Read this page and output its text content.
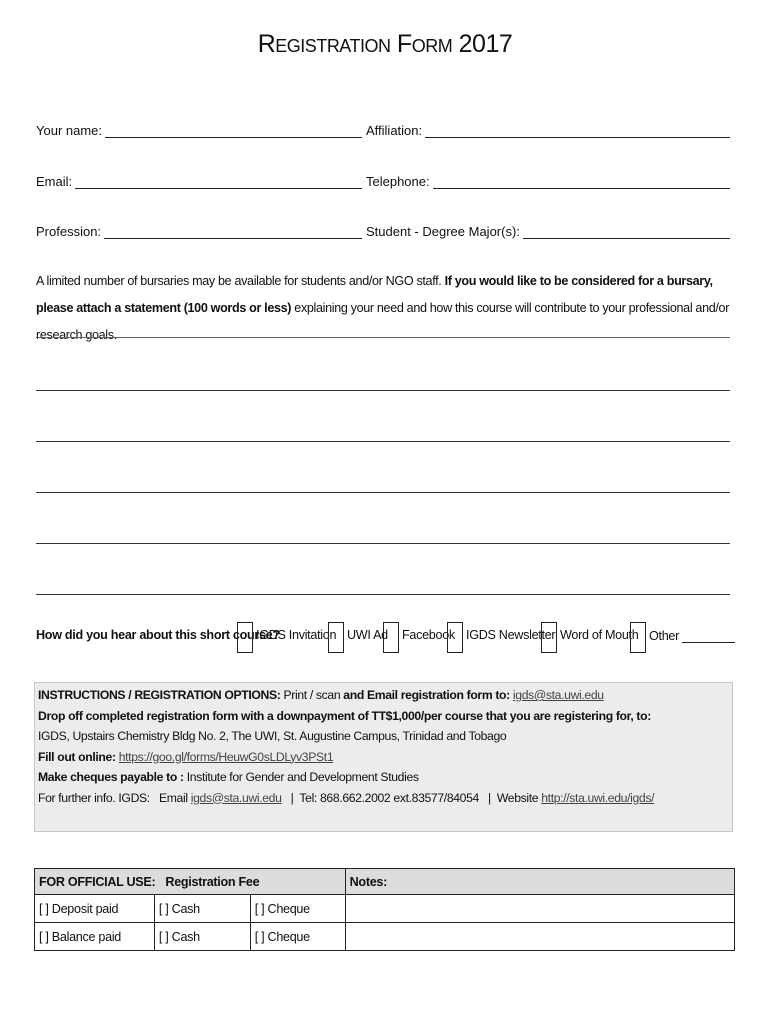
Registration Form 2017
Your name:	Affiliation:
Email:	Telephone:
Profession:	Student - Degree Major(s):
A limited number of bursaries may be available for students and/or NGO staff. If you would like to be considered for a bursary, please attach a statement (100 words or less) explaining your need and how this course will contribute to your professional and/or research goals.
How did you hear about this short course?
IGDS Invitation UWI Ad Facebook IGDS Newsletter Word of Mouth Other
INSTRUCTIONS / REGISTRATION OPTIONS: Print / scan and Email registration form to: igds@sta.uwi.edu
Drop off completed registration form with a downpayment of TT$1,000/per course that you are registering for, to:
IGDS, Upstairs Chemistry Bldg No. 2, The UWI, St. Augustine Campus, Trinidad and Tobago
Fill out online: https://goo.gl/forms/HeuwG0sLDLyv3PSt1
Make cheques payable to : Institute for Gender and Development Studies
For further info. IGDS: Email igds@sta.uwi.edu | Tel: 868.662.2002 ext.83577/84054 | Website http://sta.uwi.edu/igds/
FOR OFFICIAL USE: Registration Fee			Notes:
[ ] Deposit paid	[ ] Cash	[ ] Cheque	
[ ] Balance paid	[ ] Cash	[ ] Cheque	
